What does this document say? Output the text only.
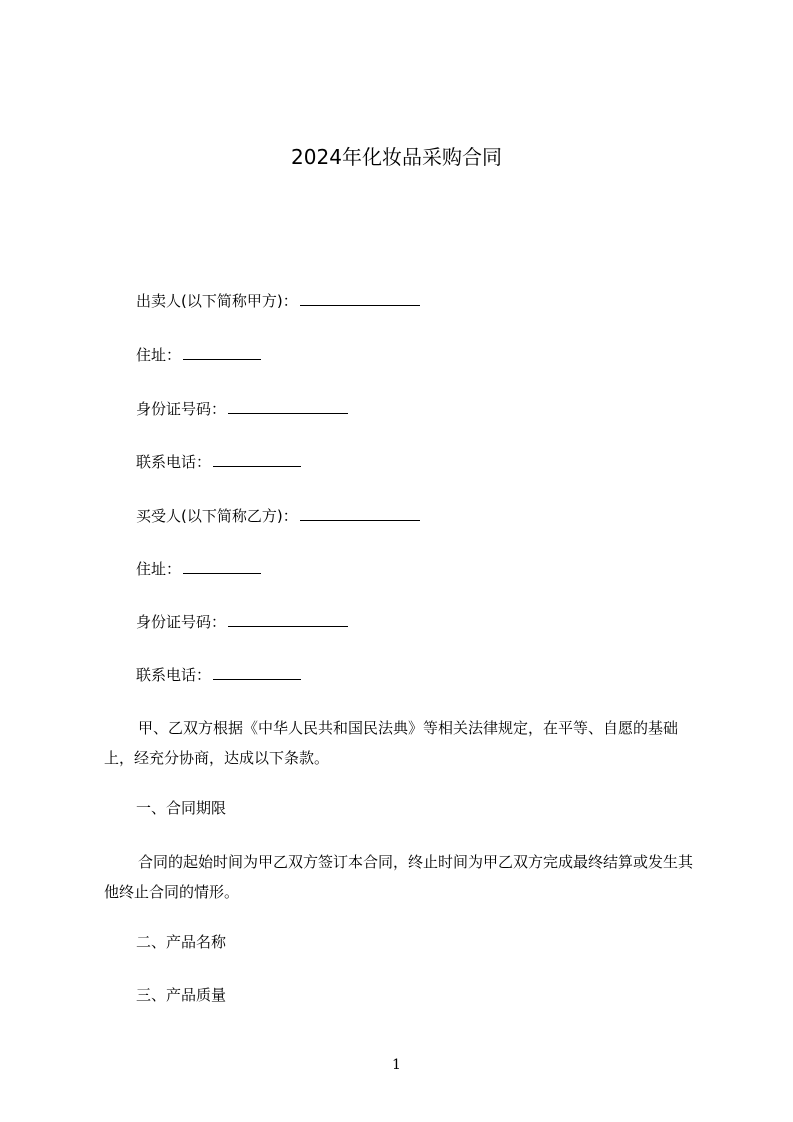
2024年化妆品采购合同
出卖人(以下简称甲方)：
住址：
身份证号码：
联系电话：
买受人(以下简称乙方)：
住址：
身份证号码：
联系电话：
甲、乙双方根据《中华人民共和国民法典》等相关法律规定，在平等、自愿的基础上，经充分协商，达成以下条款。
一、合同期限
合同的起始时间为甲乙双方签订本合同，终止时间为甲乙双方完成最终结算或发生其他终止合同的情形。
二、产品名称
三、产品质量
1
